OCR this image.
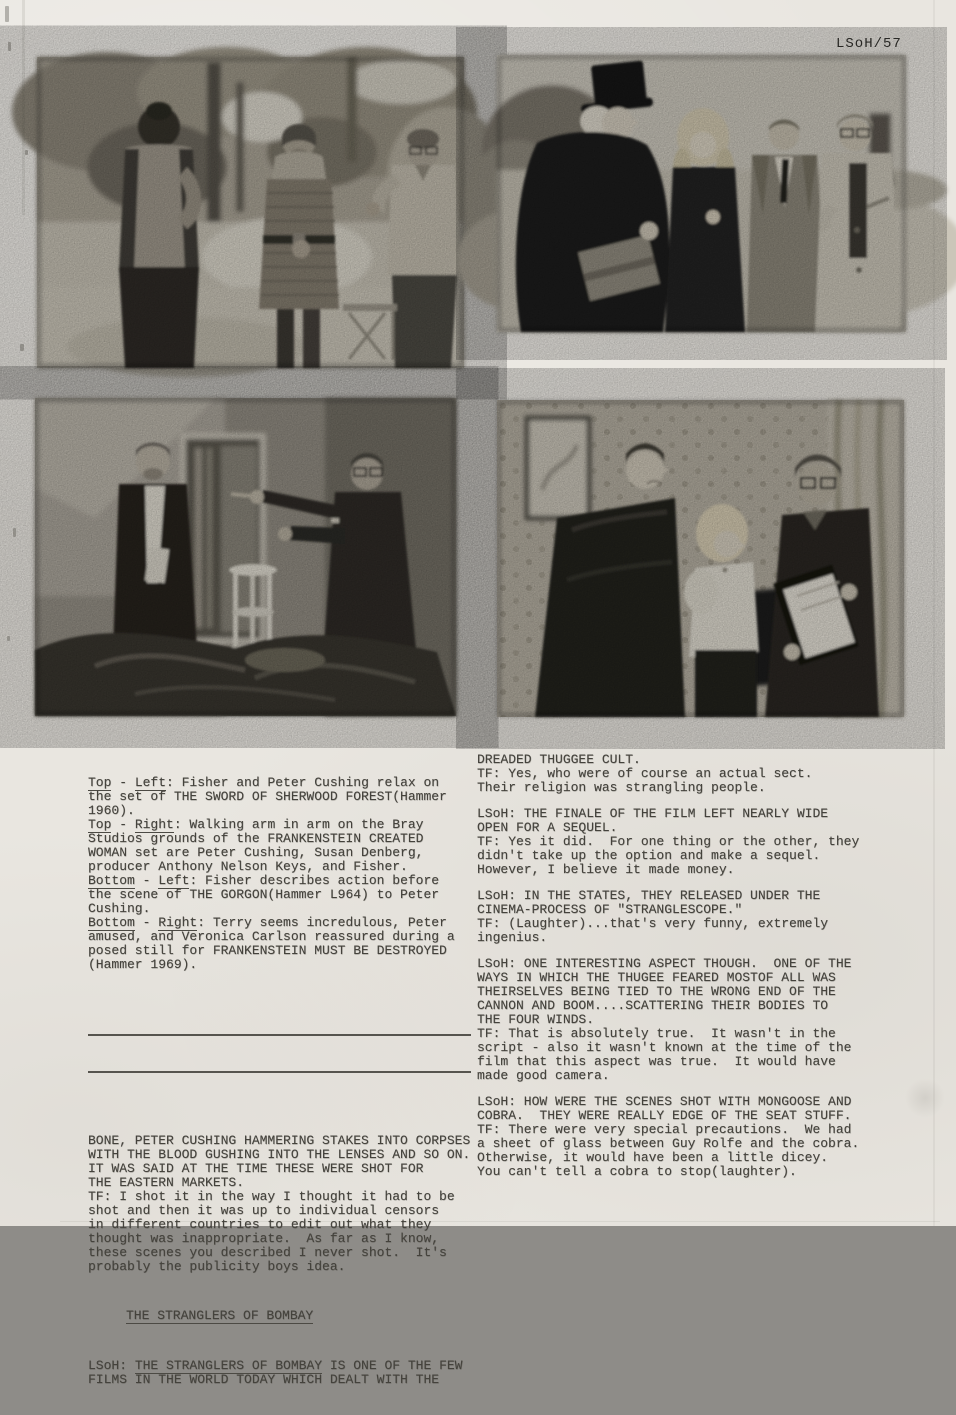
LSoH/57

Top - Left: Fisher and Peter Cushing relax on
the set of THE SWORD OF SHERWOOD FOREST(Hammer
1960).
Top - Right: Walking arm in arm on the Bray
Studios grounds of the FRANKENSTEIN CREATED
WOMAN set are Peter Cushing, Susan Denberg,
producer Anthony Nelson Keys, and Fisher.
Bottom - Left: Fisher describes action before
the scene of THE GORGON(Hammer L964) to Peter
Cushing.
Bottom - Right: Terry seems incredulous, Peter
amused, and Veronica Carlson reassured during a
posed still for FRANKENSTEIN MUST BE DESTROYED
(Hammer 1969).

BONE, PETER CUSHING HAMMERING STAKES INTO CORPSES
WITH THE BLOOD GUSHING INTO THE LENSES AND SO ON.
IT WAS SAID AT THE TIME THESE WERE SHOT FOR
THE EASTERN MARKETS.
TF: I shot it in the way I thought it had to be
shot and then it was up to individual censors
in different countries to edit out what they
thought was inappropriate.  As far as I know,
these scenes you described I never shot.  It's
probably the publicity boys idea.

THE STRANGLERS OF BOMBAY

LSoH: THE STRANGLERS OF BOMBAY IS ONE OF THE FEW
FILMS IN THE WORLD TODAY WHICH DEALT WITH THE

DREADED THUGGEE CULT.
TF: Yes, who were of course an actual sect.
Their religion was strangling people.
LSoH: THE FINALE OF THE FILM LEFT NEARLY WIDE
OPEN FOR A SEQUEL.
TF: Yes it did.  For one thing or the other, they
didn't take up the option and make a sequel.
However, I believe it made money.
LSoH: IN THE STATES, THEY RELEASED UNDER THE
CINEMA-PROCESS OF "STRANGLESCOPE."
TF: (Laughter)...that's very funny, extremely
ingenius.
LSoH: ONE INTERESTING ASPECT THOUGH.  ONE OF THE
WAYS IN WHICH THE THUGEE FEARED MOSTOF ALL WAS
THEIRSELVES BEING TIED TO THE WRONG END OF THE
CANNON AND BOOM....SCATTERING THEIR BODIES TO
THE FOUR WINDS.
TF: That is absolutely true.  It wasn't in the
script - also it wasn't known at the time of the
film that this aspect was true.  It would have
made good camera.
LSoH: HOW WERE THE SCENES SHOT WITH MONGOOSE AND
COBRA.  THEY WERE REALLY EDGE OF THE SEAT STUFF.
TF: There were very special precautions.  We had
a sheet of glass between Guy Rolfe and the cobra.
Otherwise, it would have been a little dicey.
You can't tell a cobra to stop(laughter).
